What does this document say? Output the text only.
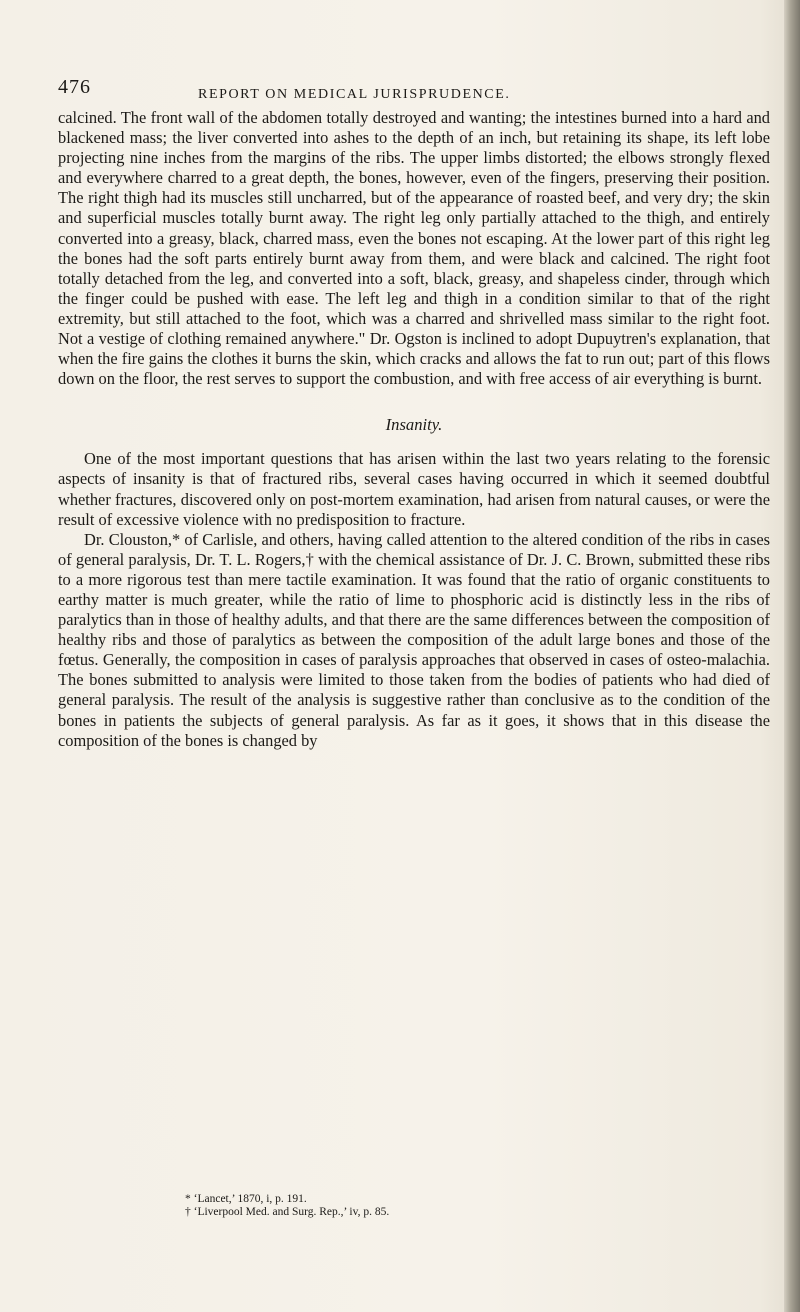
476	REPORT ON MEDICAL JURISPRUDENCE.

calcined. The front wall of the abdomen totally destroyed and wanting; the intestines burned into a hard and blackened mass; the liver converted into ashes to the depth of an inch, but retaining its shape, its left lobe projecting nine inches from the margins of the ribs. The upper limbs distorted; the elbows strongly flexed and everywhere charred to a great depth, the bones, however, even of the fingers, preserving their position. The right thigh had its muscles still uncharred, but of the appearance of roasted beef, and very dry; the skin and superficial muscles totally burnt away. The right leg only partially attached to the thigh, and entirely converted into a greasy, black, charred mass, even the bones not escaping. At the lower part of this right leg the bones had the soft parts entirely burnt away from them, and were black and calcined. The right foot totally detached from the leg, and converted into a soft, black, greasy, and shapeless cinder, through which the finger could be pushed with ease. The left leg and thigh in a condition similar to that of the right extremity, but still attached to the foot, which was a charred and shrivelled mass similar to the right foot. Not a vestige of clothing remained anywhere." Dr. Ogston is inclined to adopt Dupuytren's explanation, that when the fire gains the clothes it burns the skin, which cracks and allows the fat to run out; part of this flows down on the floor, the rest serves to support the combustion, and with free access of air everything is burnt.

Insanity.

One of the most important questions that has arisen within the last two years relating to the forensic aspects of insanity is that of fractured ribs, several cases having occurred in which it seemed doubtful whether fractures, discovered only on post-mortem examination, had arisen from natural causes, or were the result of excessive violence with no predisposition to fracture.

Dr. Clouston,* of Carlisle, and others, having called attention to the altered condition of the ribs in cases of general paralysis, Dr. T. L. Rogers,† with the chemical assistance of Dr. J. C. Brown, submitted these ribs to a more rigorous test than mere tactile examination. It was found that the ratio of organic constituents to earthy matter is much greater, while the ratio of lime to phosphoric acid is distinctly less in the ribs of paralytics than in those of healthy adults, and that there are the same differences between the composition of healthy ribs and those of paralytics as between the composition of the adult large bones and those of the fœtus. Generally, the composition in cases of paralysis approaches that observed in cases of osteo-malachia. The bones submitted to analysis were limited to those taken from the bodies of patients who had died of general paralysis. The result of the analysis is suggestive rather than conclusive as to the condition of the bones in patients the subjects of general paralysis. As far as it goes, it shows that in this disease the composition of the bones is changed by

* ‘Lancet,’ 1870, i, p. 191.
† ‘Liverpool Med. and Surg. Rep.,’ iv, p. 85.
